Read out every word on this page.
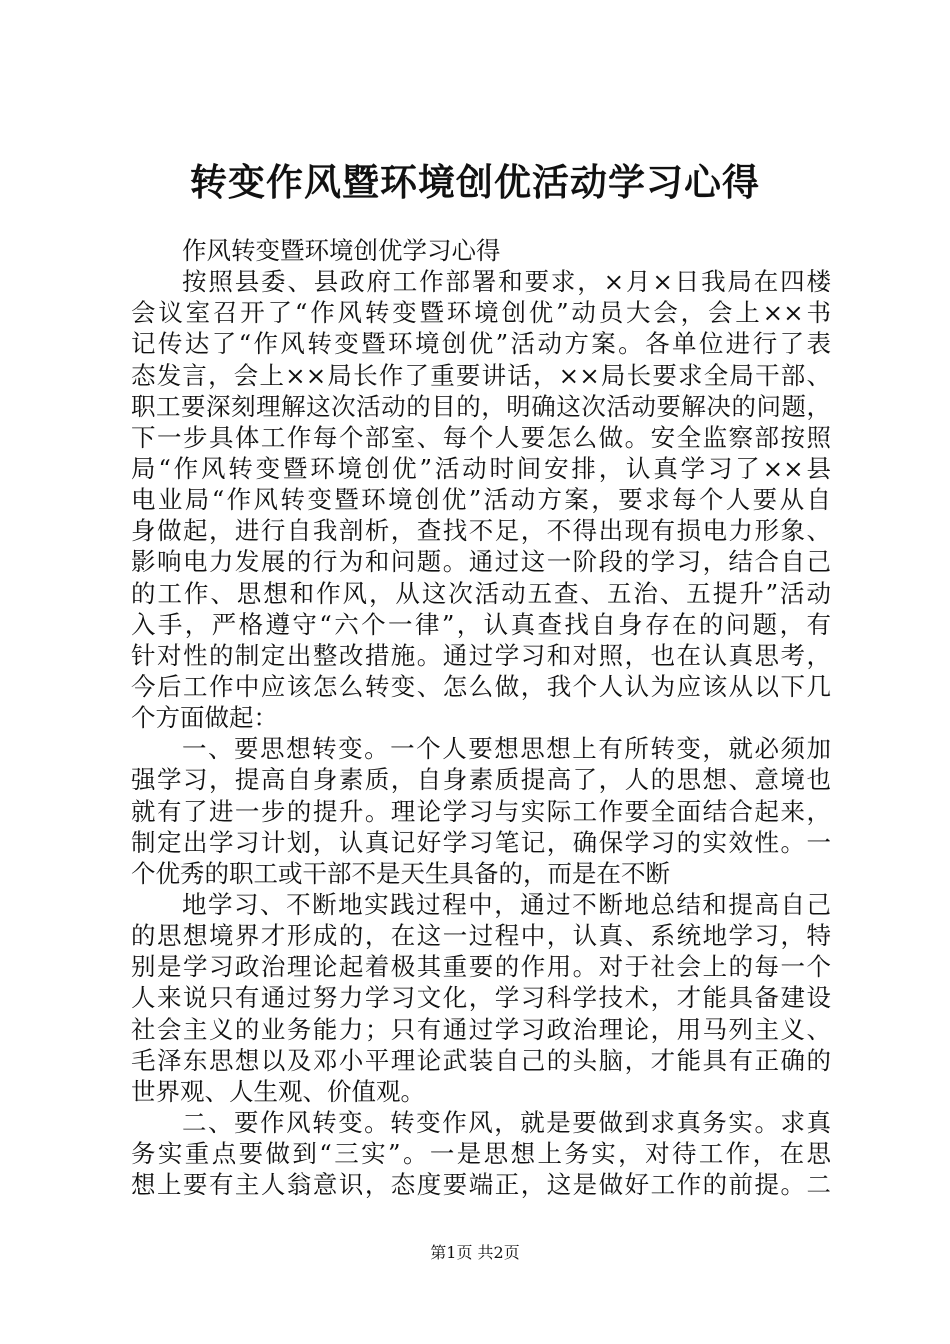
转变作风暨环境创优活动学习心得
作风转变暨环境创优学习心得
按照县委、县政府工作部署和要求，×月×日我局在四楼
会议室召开了“作风转变暨环境创优”动员大会，会上××书
记传达了“作风转变暨环境创优”活动方案。各单位进行了表
态发言，会上××局长作了重要讲话，××局长要求全局干部、
职工要深刻理解这次活动的目的，明确这次活动要解决的问题，
下一步具体工作每个部室、每个人要怎么做。安全监察部按照
局“作风转变暨环境创优”活动时间安排，认真学习了××县
电业局“作风转变暨环境创优”活动方案，要求每个人要从自
身做起，进行自我剖析，查找不足，不得出现有损电力形象、
影响电力发展的行为和问题。通过这一阶段的学习，结合自己
的工作、思想和作风，从这次活动五查、五治、五提升”活动
入手，严格遵守“六个一律”，认真查找自身存在的问题，有
针对性的制定出整改措施。通过学习和对照，也在认真思考，
今后工作中应该怎么转变、怎么做，我个人认为应该从以下几
个方面做起：
一、要思想转变。一个人要想思想上有所转变，就必须加
强学习，提高自身素质，自身素质提高了，人的思想、意境也
就有了进一步的提升。理论学习与实际工作要全面结合起来，
制定出学习计划，认真记好学习笔记，确保学习的实效性。一
个优秀的职工或干部不是天生具备的，而是在不断
地学习、不断地实践过程中，通过不断地总结和提高自己
的思想境界才形成的，在这一过程中，认真、系统地学习，特
别是学习政治理论起着极其重要的作用。对于社会上的每一个
人来说只有通过努力学习文化，学习科学技术，才能具备建设
社会主义的业务能力；只有通过学习政治理论，用马列主义、
毛泽东思想以及邓小平理论武装自己的头脑，才能具有正确的
世界观、人生观、价值观。
二、要作风转变。转变作风，就是要做到求真务实。求真
务实重点要做到“三实”。一是思想上务实，对待工作，在思
想上要有主人翁意识，态度要端正，这是做好工作的前提。二
第1页 共2页
